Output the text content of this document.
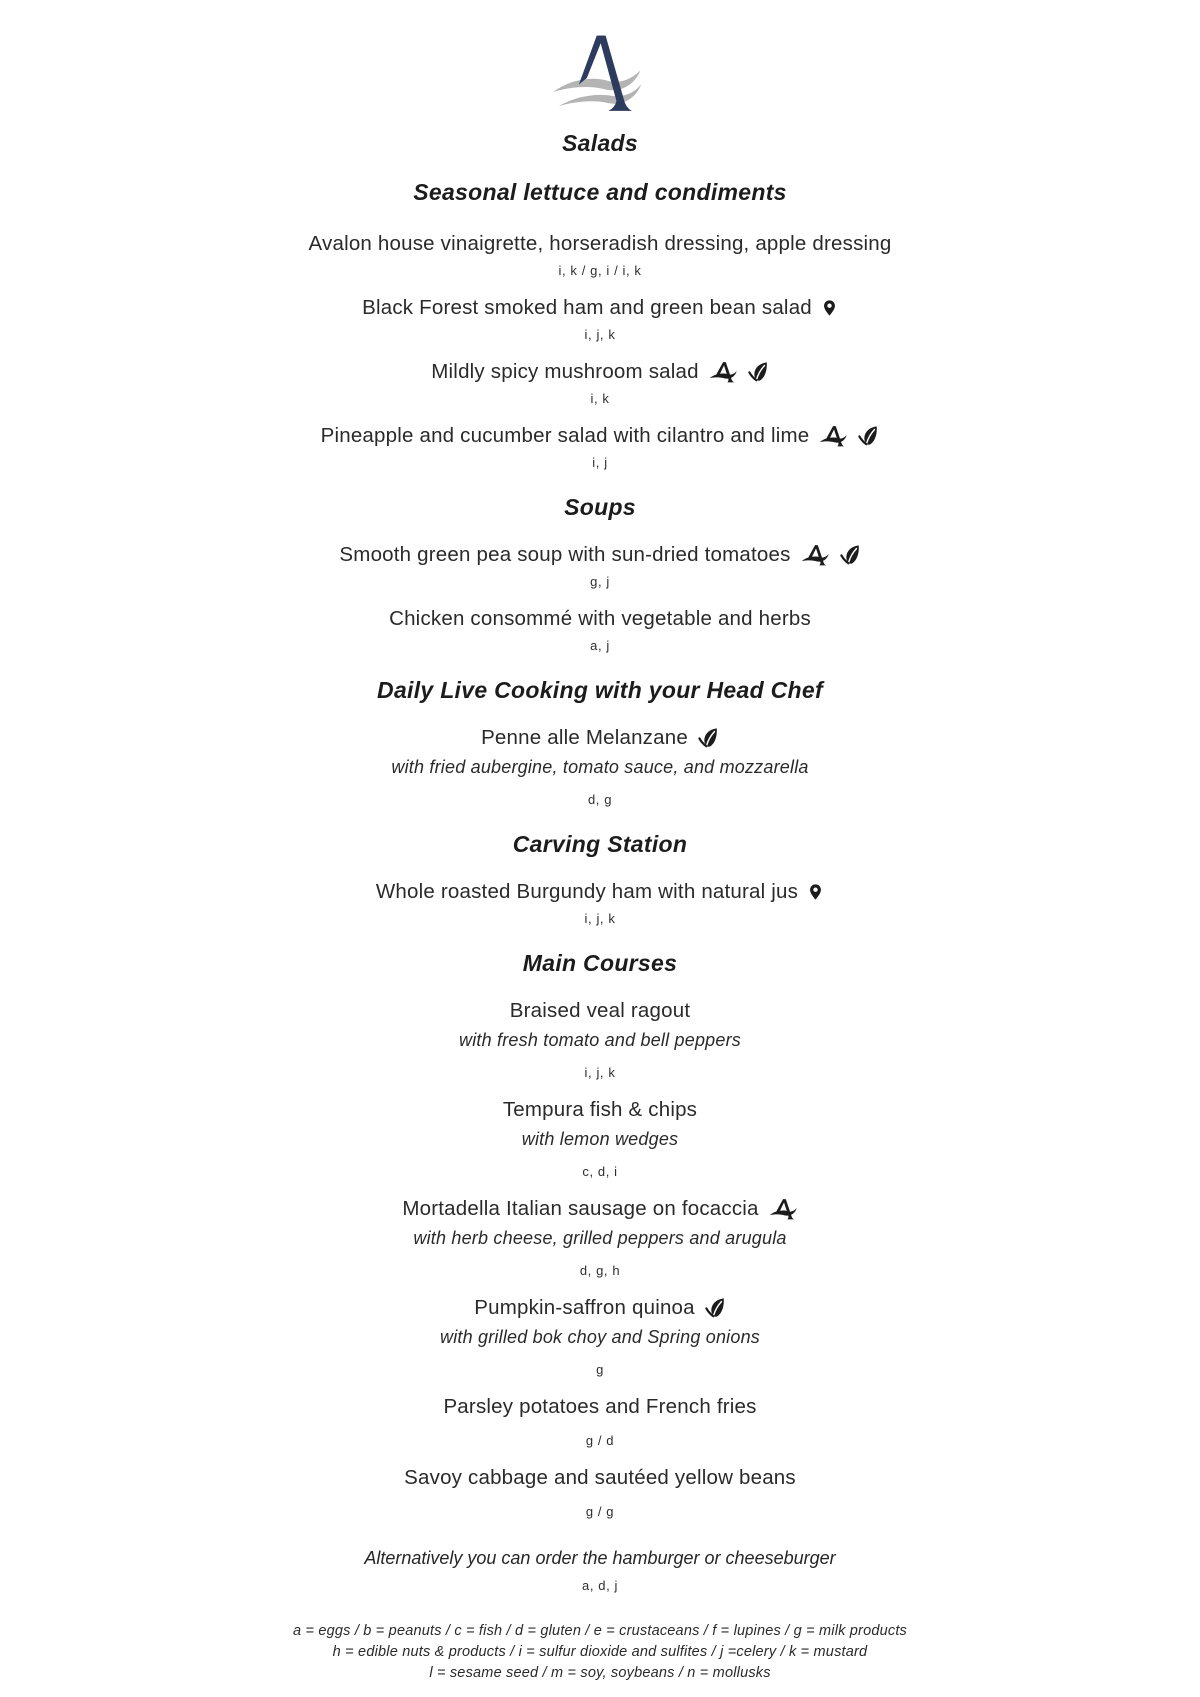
Salads
Seasonal lettuce and condiments
Avalon house vinaigrette, horseradish dressing, apple dressing
i, k / g, i / i, k
Black Forest smoked ham and green bean salad
i, j, k
Mildly spicy mushroom salad
i, k
Pineapple and cucumber salad with cilantro and lime
i, j
Soups
Smooth green pea soup with sun-dried tomatoes
g, j
Chicken consommé with vegetable and herbs
a, j
Daily Live Cooking with your Head Chef
Penne alle Melanzane
with fried aubergine, tomato sauce, and mozzarella
d, g
Carving Station
Whole roasted Burgundy ham with natural jus
i, j, k
Main Courses
Braised veal ragout
with fresh tomato and bell peppers
i, j, k
Tempura fish & chips
with lemon wedges
c, d, i
Mortadella Italian sausage on focaccia
with herb cheese, grilled peppers and arugula
d, g, h
Pumpkin-saffron quinoa
with grilled bok choy and Spring onions
g
Parsley potatoes and French fries
g / d
Savoy cabbage and sautéed yellow beans
g / g
Alternatively you can order the hamburger or cheeseburger
a, d, j
a = eggs / b = peanuts / c = fish / d = gluten / e = crustaceans / f = lupines / g = milk products
h = edible nuts & products / i = sulfur dioxide and sulfites / j =celery / k = mustard
l = sesame seed / m = soy, soybeans / n = mollusks
